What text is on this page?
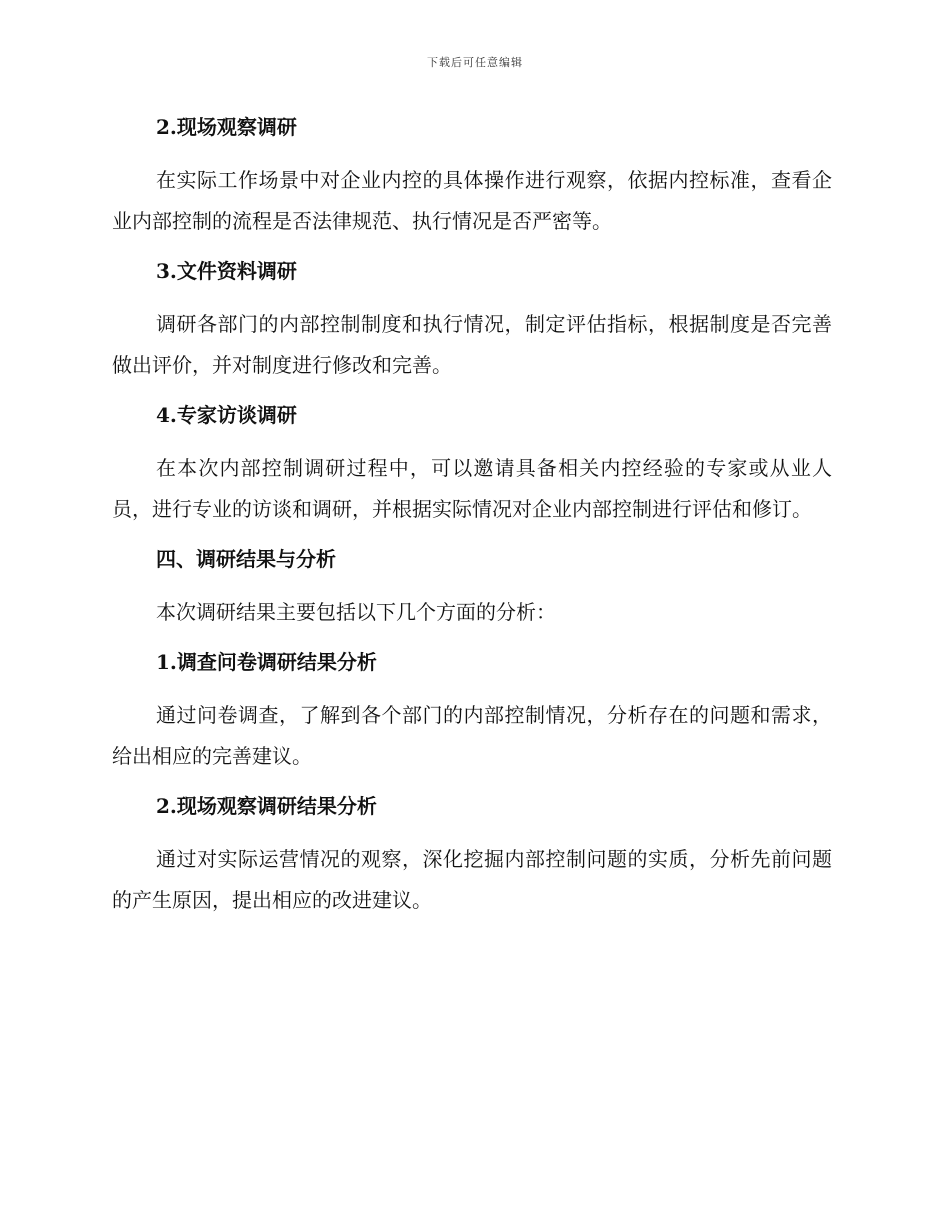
下载后可任意编辑
2.现场观察调研

在实际工作场景中对企业内控的具体操作进行观察，依据内控标准，查看企业内部控制的流程是否法律规范、执行情况是否严密等。

3.文件资料调研

调研各部门的内部控制制度和执行情况，制定评估指标，根据制度是否完善做出评价，并对制度进行修改和完善。

4.专家访谈调研

在本次内部控制调研过程中，可以邀请具备相关内控经验的专家或从业人员，进行专业的访谈和调研，并根据实际情况对企业内部控制进行评估和修订。

四、调研结果与分析

本次调研结果主要包括以下几个方面的分析：

1.调查问卷调研结果分析

通过问卷调查，了解到各个部门的内部控制情况，分析存在的问题和需求，给出相应的完善建议。

2.现场观察调研结果分析

通过对实际运营情况的观察，深化挖掘内部控制问题的实质，分析先前问题的产生原因，提出相应的改进建议。
